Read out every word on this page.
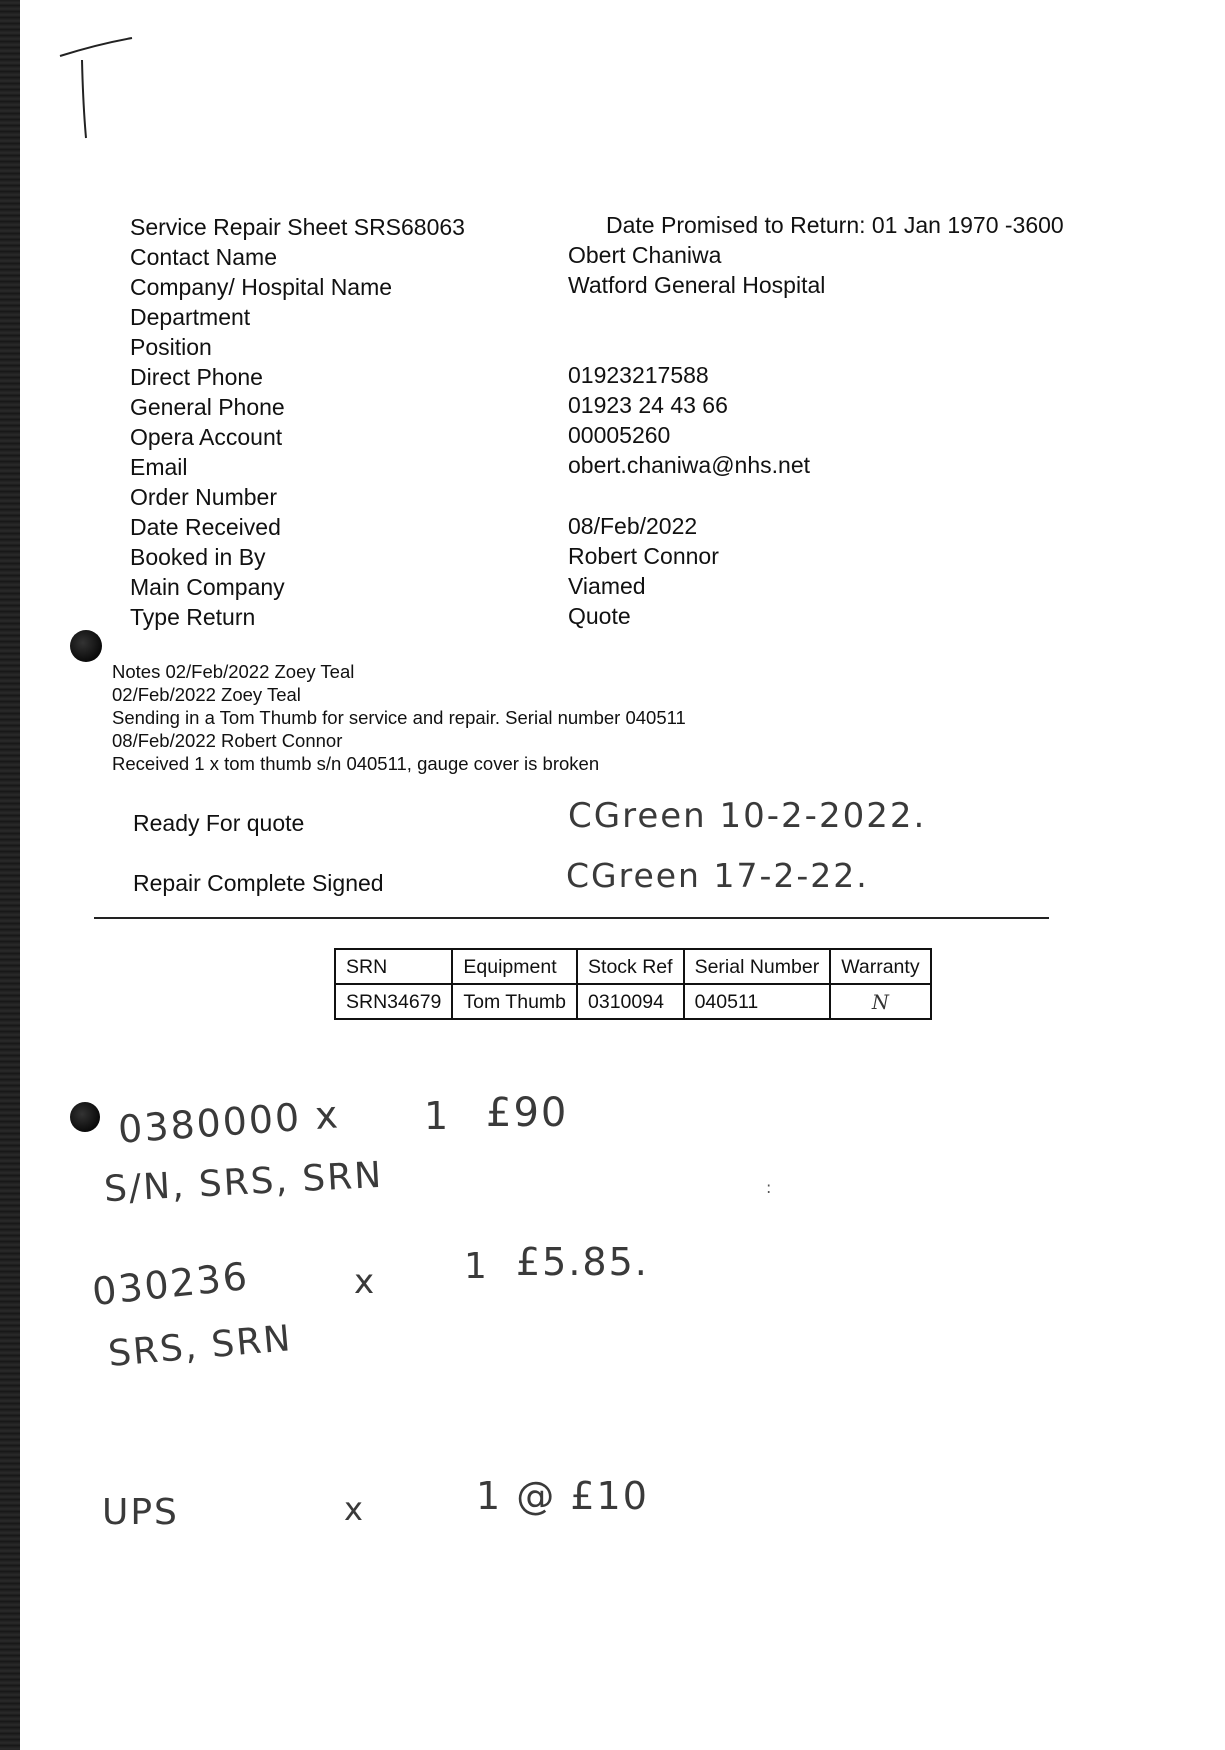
Service Repair Sheet SRS68063	Date Promised to Return: 01 Jan 1970 -3600
Contact Name	Obert Chaniwa
Company/ Hospital Name	Watford General Hospital
Department
Position
Direct Phone	01923217588
General Phone	01923 24 43 66
Opera Account	00005260
Email	obert.chaniwa@nhs.net
Order Number
Date Received	08/Feb/2022
Booked in By	Robert Connor
Main Company	Viamed
Type Return	Quote
Notes 02/Feb/2022 Zoey Teal
02/Feb/2022 Zoey Teal
Sending in a Tom Thumb for service and repair. Serial number 040511
08/Feb/2022 Robert Connor
Received 1 x tom thumb s/n 040511, gauge cover is broken
Ready For quote	CGreen 10-2-2022.
Repair Complete Signed	CGreen 17-2-22.
SRN	Equipment	Stock Ref	Serial Number	Warranty
SRN34679	Tom Thumb	0310094	040511	N
0380000 x 1 £90
S/N, SRS, SRN	:
030236	x 1 £5.85.
SRS, SRN
UPS	x	1 @ £10
